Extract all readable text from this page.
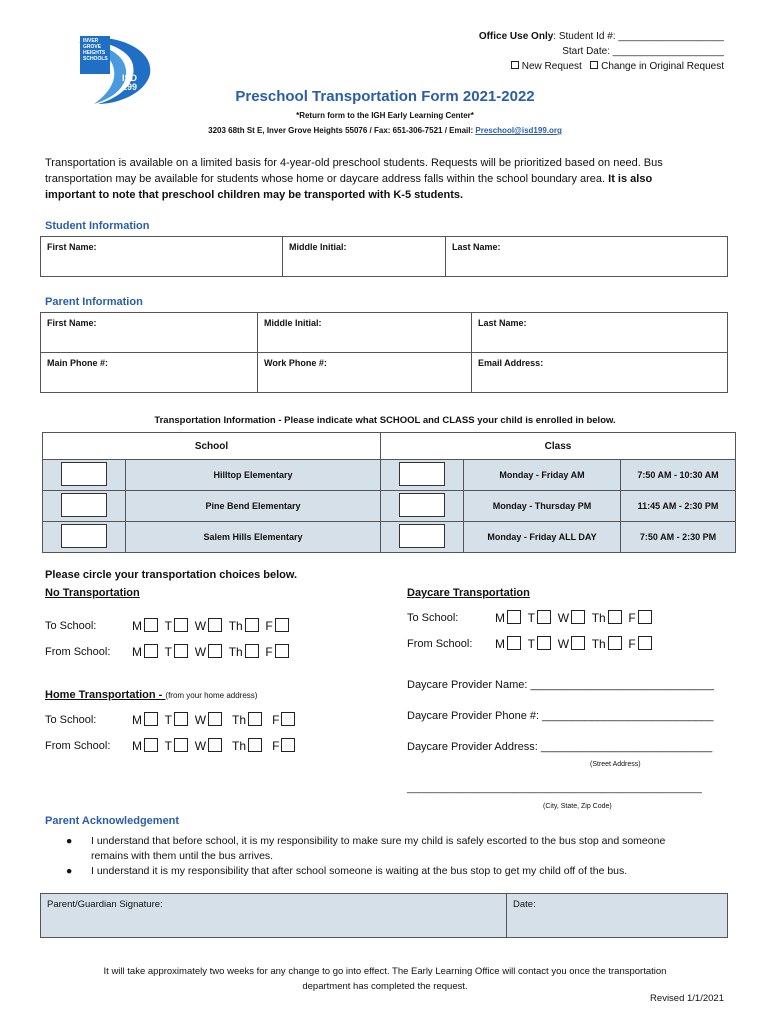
INVER
GROVE
HEIGHTS
SCHOOLS
ISD
199
Office Use Only: Student Id #: ___________________
Start Date: ____________________
New Request Change in Original Request
Preschool Transportation Form 2021-2022
*Return form to the IGH Early Learning Center*
3203 68th St E, Inver Grove Heights 55076 / Fax: 651-306-7521 / Email: Preschool@isd199.org
Transportation is available on a limited basis for 4-year-old preschool students. Requests will be prioritized based on need. Bus transportation may be available for students whose home or daycare address falls within the school boundary area. It is also important to note that preschool children may be transported with K-5 students.
Student Information
First Name:	Middle Initial:	Last Name:
Parent Information
First Name:	Middle Initial:	Last Name:
Main Phone #:	Work Phone #:	Email Address:
Transportation Information - Please indicate what SCHOOL and CLASS your child is enrolled in below.
School		Class		
	Hilltop Elementary		Monday - Friday AM	7:50 AM - 10:30 AM
	Pine Bend Elementary		Monday - Thursday PM	11:45 AM - 2:30 PM
	Salem Hills Elementary		Monday - Friday ALL DAY	7:50 AM - 2:30 PM
Please circle your transportation choices below.
No Transportation	Daycare Transportation
To School:	M T W Th F
From School: M T W Th F
To School:	M T W Th F
From School: M T W Th F
Home Transportation - (from your home address)
To School:	M T W Th F
From School: M T W Th F
Daycare Provider Name: ______________________________
Daycare Provider Phone #: ____________________________
Daycare Provider Address: ____________________________
(Street Address)
_____________________________________________________
(City, State, Zip Code)
Parent Acknowledgement
● I understand that before school, it is my responsibility to make sure my child is safely escorted to the bus stop and someone
remains with them until the bus arrives.
● I understand it is my responsibility that after school someone is waiting at the bus stop to get my child off of the bus.
Parent/Guardian Signature:	Date:
It will take approximately two weeks for any change to go into effect. The Early Learning Office will contact you once the transportation
department has completed the request.
Revised 1/1/2021
